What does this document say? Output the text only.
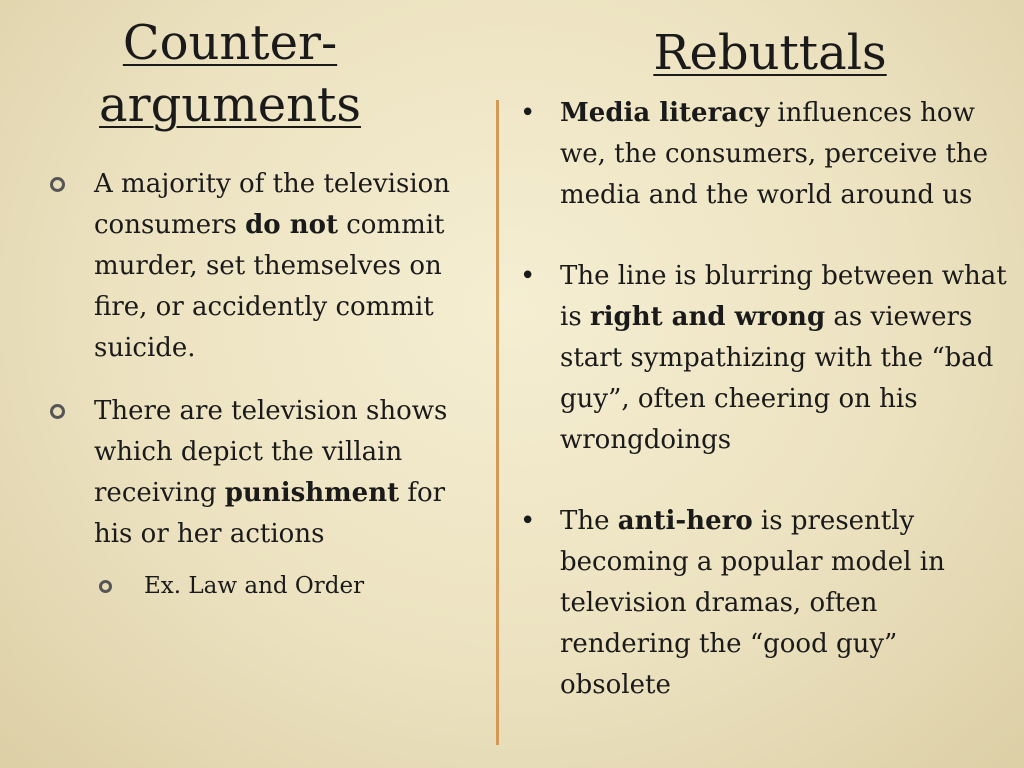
Counter-
arguments
Rebuttals
A majority of the television consumers do not commit murder, set themselves on fire, or accidently commit suicide.
There are television shows which depict the villain receiving punishment for his or her actions
Ex. Law and Order
• Media literacy influences how we, the consumers, perceive the media and the world around us
• The line is blurring between what is right and wrong as viewers start sympathizing with the “bad guy”, often cheering on his wrongdoings
• The anti-hero is presently becoming a popular model in television dramas, often rendering the “good guy” obsolete
